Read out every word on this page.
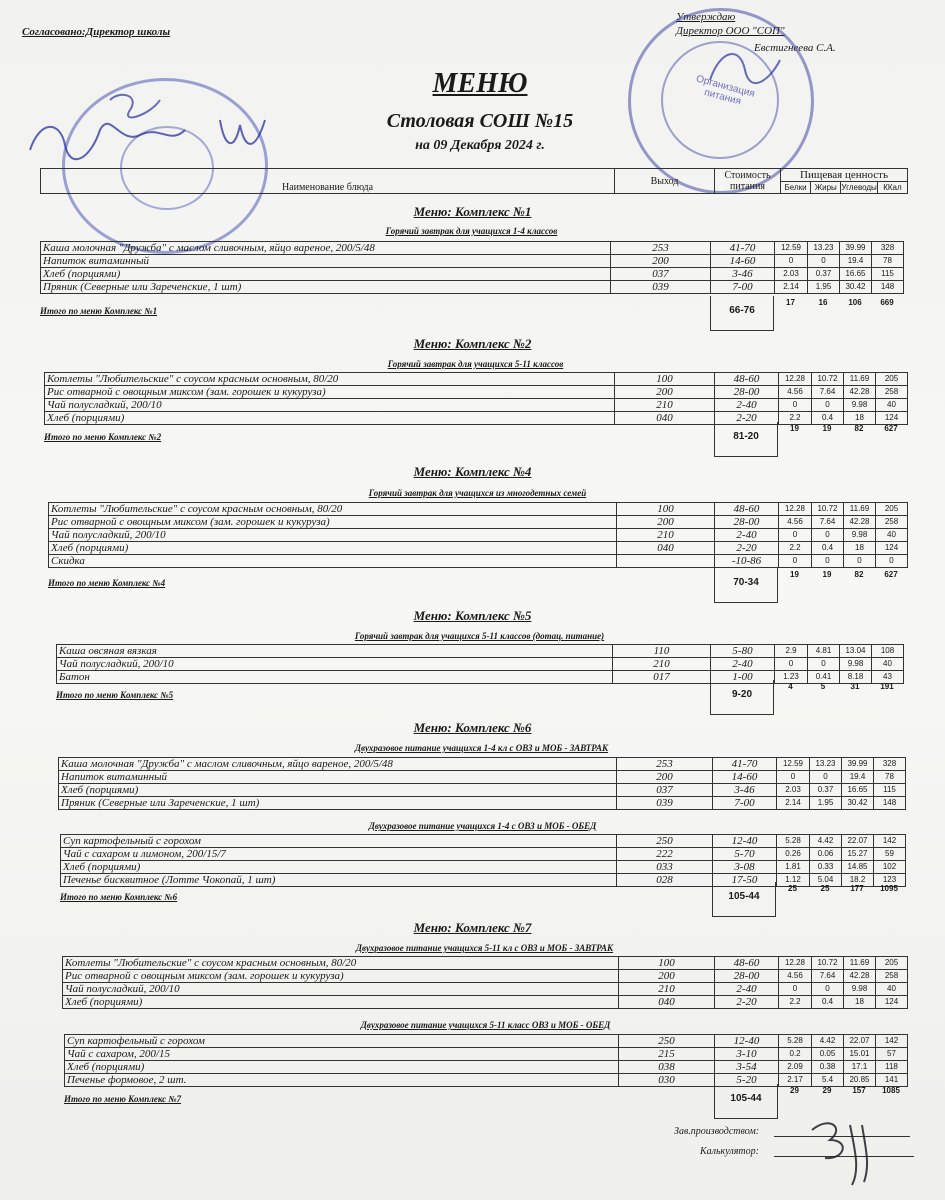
Согласовано:Директор школы
Утверждаю
Директор ООО "СОП"
Евстигнеева С.А.
Организация питания
МЕНЮ
Столовая СОШ №15
на 09 Декабря 2024 г.
Наименование блюда
Выход
Стоимость питания
Пищевая ценность
Белки	Жиры Углеводы ККал
Меню: Комплекс №1
Горячий завтрак для учащихся 1-4 классов
Каша молочная "Дружба" с маслом сливочным, яйцо вареное, 200/5/48	253	41-70	12.59	13.23	39.99	328
Напиток витаминный	200	14-60	0	0	19.4	78
Хлеб (порциями)	037	3-46	2.03	0.37	16.65	115
Пряник (Северные или Зареченские, 1 шт)	039	7-00	2.14	1.95	30.42	148
Итого по меню Комплекс №1	66-76
17	16	106	669
Меню: Комплекс №2
Горячий завтрак для учащихся 5-11 классов
Котлеты "Любительские" с соусом красным основным, 80/20	100	48-60	12.28	10.72	11.69	205
Рис отварной с овощным миксом (зам. горошек и кукуруза)	200	28-00	4.56	7.64	42.28	258
Чай полусладкий, 200/10	210	2-40	0	0	9.98	40
Хлеб (порциями)	040	2-20	2.2	0.4	18	124
Итого по меню Комплекс №2	81-20
19	19	82	627
Меню: Комплекс №4
Горячий завтрак для учащихся из многодетных семей
Котлеты "Любительские" с соусом красным основным, 80/20	100	48-60	12.28	10.72	11.69	205
Рис отварной с овощным миксом (зам. горошек и кукуруза)	200	28-00	4.56	7.64	42.28	258
Чай полусладкий, 200/10	210	2-40	0	0	9.98	40
Хлеб (порциями)	040	2-20	2.2	0.4	18	124
Скидка		-10-86	0	0	0	0
Итого по меню Комплекс №4	70-34
19	19	82	627
Меню: Комплекс №5
Горячий завтрак для учащихся 5-11 классов (дотац. питание)
Каша овсяная вязкая	110	5-80	2.9	4.81	13.04	108
Чай полусладкий, 200/10	210	2-40	0	0	9.98	40
Батон	017	1-00	1.23	0.41	8.18	43
Итого по меню Комплекс №5	9-20
4	5	31	191
Меню: Комплекс №6
Двухразовое питание учащихся 1-4 кл с ОВЗ и МОБ - ЗАВТРАК
Каша молочная "Дружба" с маслом сливочным, яйцо вареное, 200/5/48	253	41-70	12.59	13.23	39.99	328
Напиток витаминный	200	14-60	0	0	19.4	78
Хлеб (порциями)	037	3-46	2.03	0.37	16.65	115
Пряник (Северные или Зареченские, 1 шт)	039	7-00	2.14	1.95	30.42	148
Двухразовое питание учащихся 1-4 с ОВЗ и МОБ - ОБЕД
Суп картофельный с горохом	250	12-40	5.28	4.42	22.07	142
Чай с сахаром и лимоном, 200/15/7	222	5-70	0.26	0.06	15.27	59
Хлеб (порциями)	033	3-08	1.81	0.33	14.85	102
Печенье бисквитное (Лотте Чокопай, 1 шт)	028	17-50	1.12	5.04	18.2	123
Итого по меню Комплекс №6	105-44
25	25	177	1095
Меню: Комплекс №7
Двухразовое питание учащихся 5-11 кл с ОВЗ и МОБ - ЗАВТРАК
Котлеты "Любительские" с соусом красным основным, 80/20	100	48-60	12.28	10.72	11.69	205
Рис отварной с овощным миксом (зам. горошек и кукуруза)	200	28-00	4.56	7.64	42.28	258
Чай полусладкий, 200/10	210	2-40	0	0	9.98	40
Хлеб (порциями)	040	2-20	2.2	0.4	18	124
Двухразовое питание учащихся 5-11 класс ОВЗ и МОБ - ОБЕД
Суп картофельный с горохом	250	12-40	5.28	4.42	22.07	142
Чай с сахаром, 200/15	215	3-10	0.2	0.05	15.01	57
Хлеб (порциями)	038	3-54	2.09	0.38	17.1	118
Печенье формовое, 2 шт.	030	5-20	2.17	5.4	20.85	141
Итого по меню Комплекс №7	105-44
29	29	157	1085
Зав.производством:
Калькулятор:
